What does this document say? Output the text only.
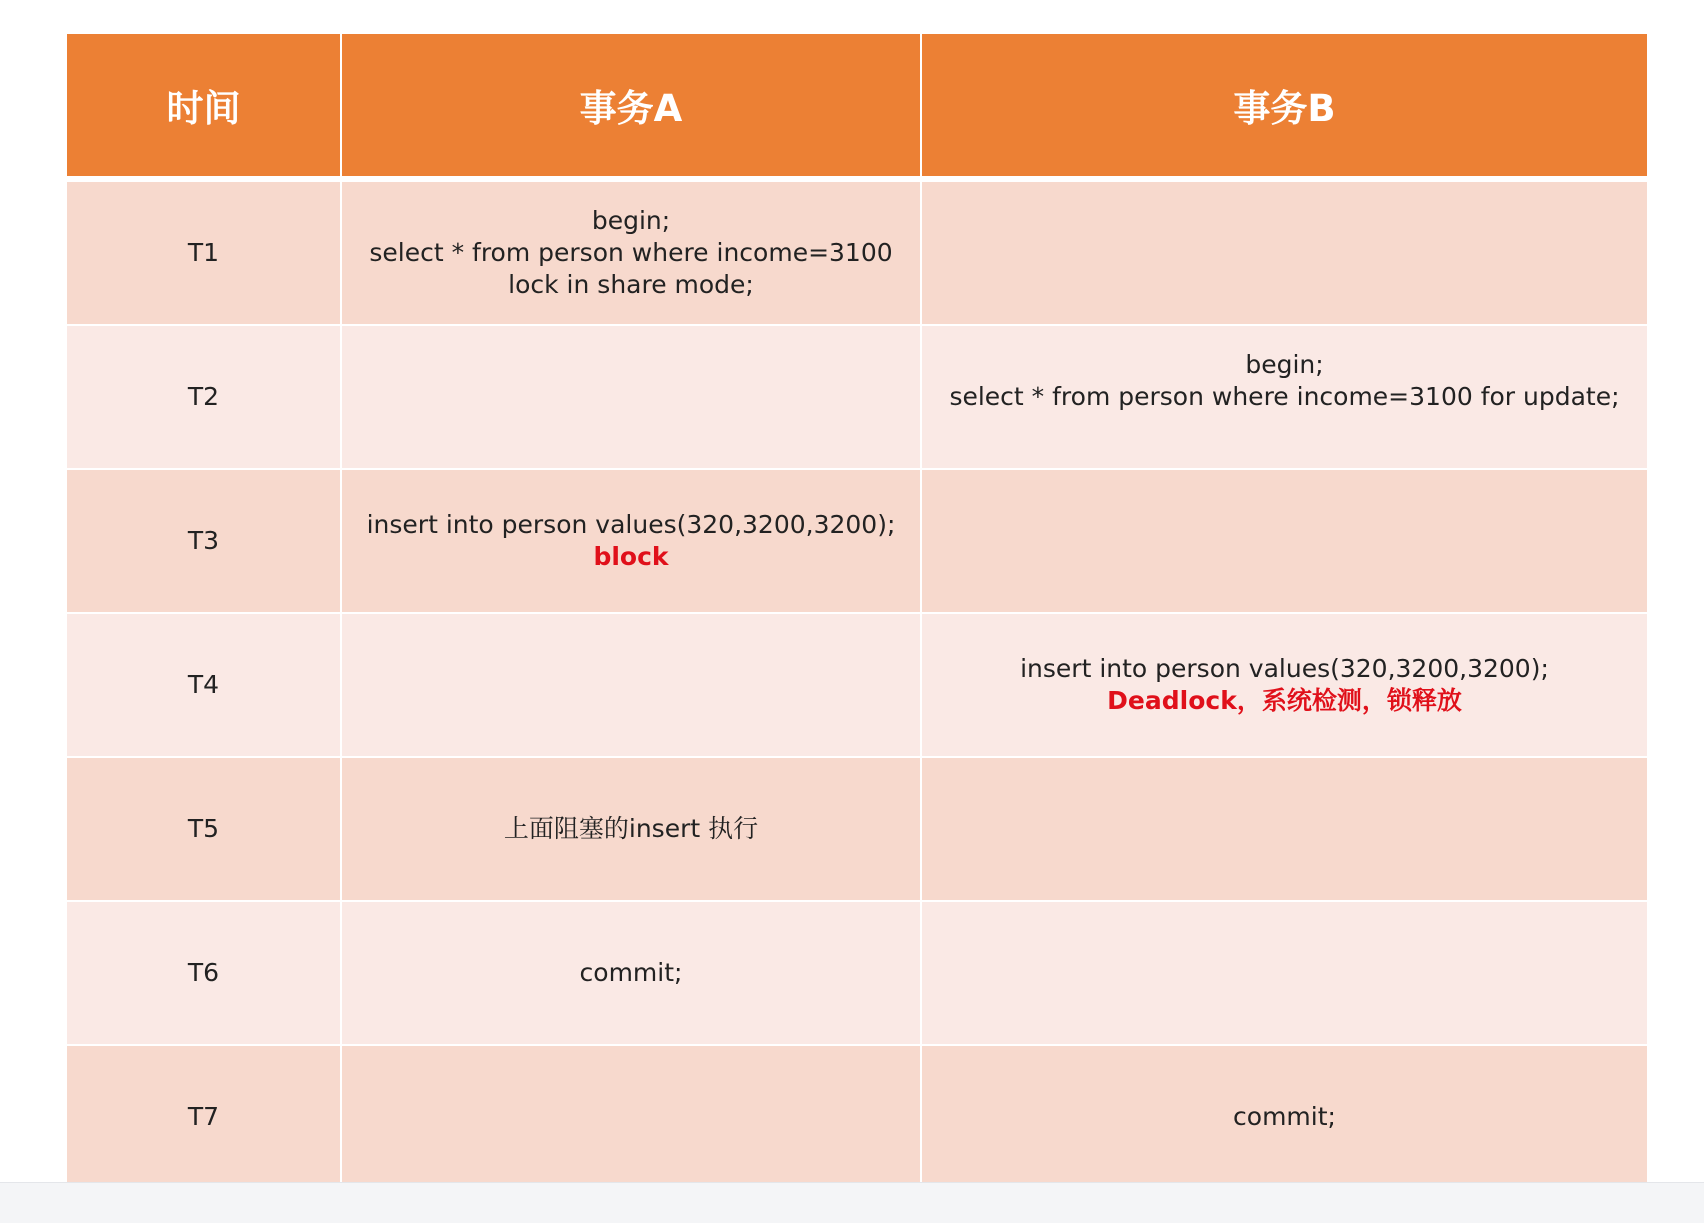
时间	事务A	事务B
T1	begin;
select * from person where income=3100
lock in share mode;	

T2		begin;
select * from person where income=3100 for update;

T3	insert into person values(320,3200,3200);
block	

T4		insert into person values(320,3200,3200);
Deadlock，系统检测，锁释放

T5	上面阻塞的insert 执行	

T6	commit;	

T7		commit;
